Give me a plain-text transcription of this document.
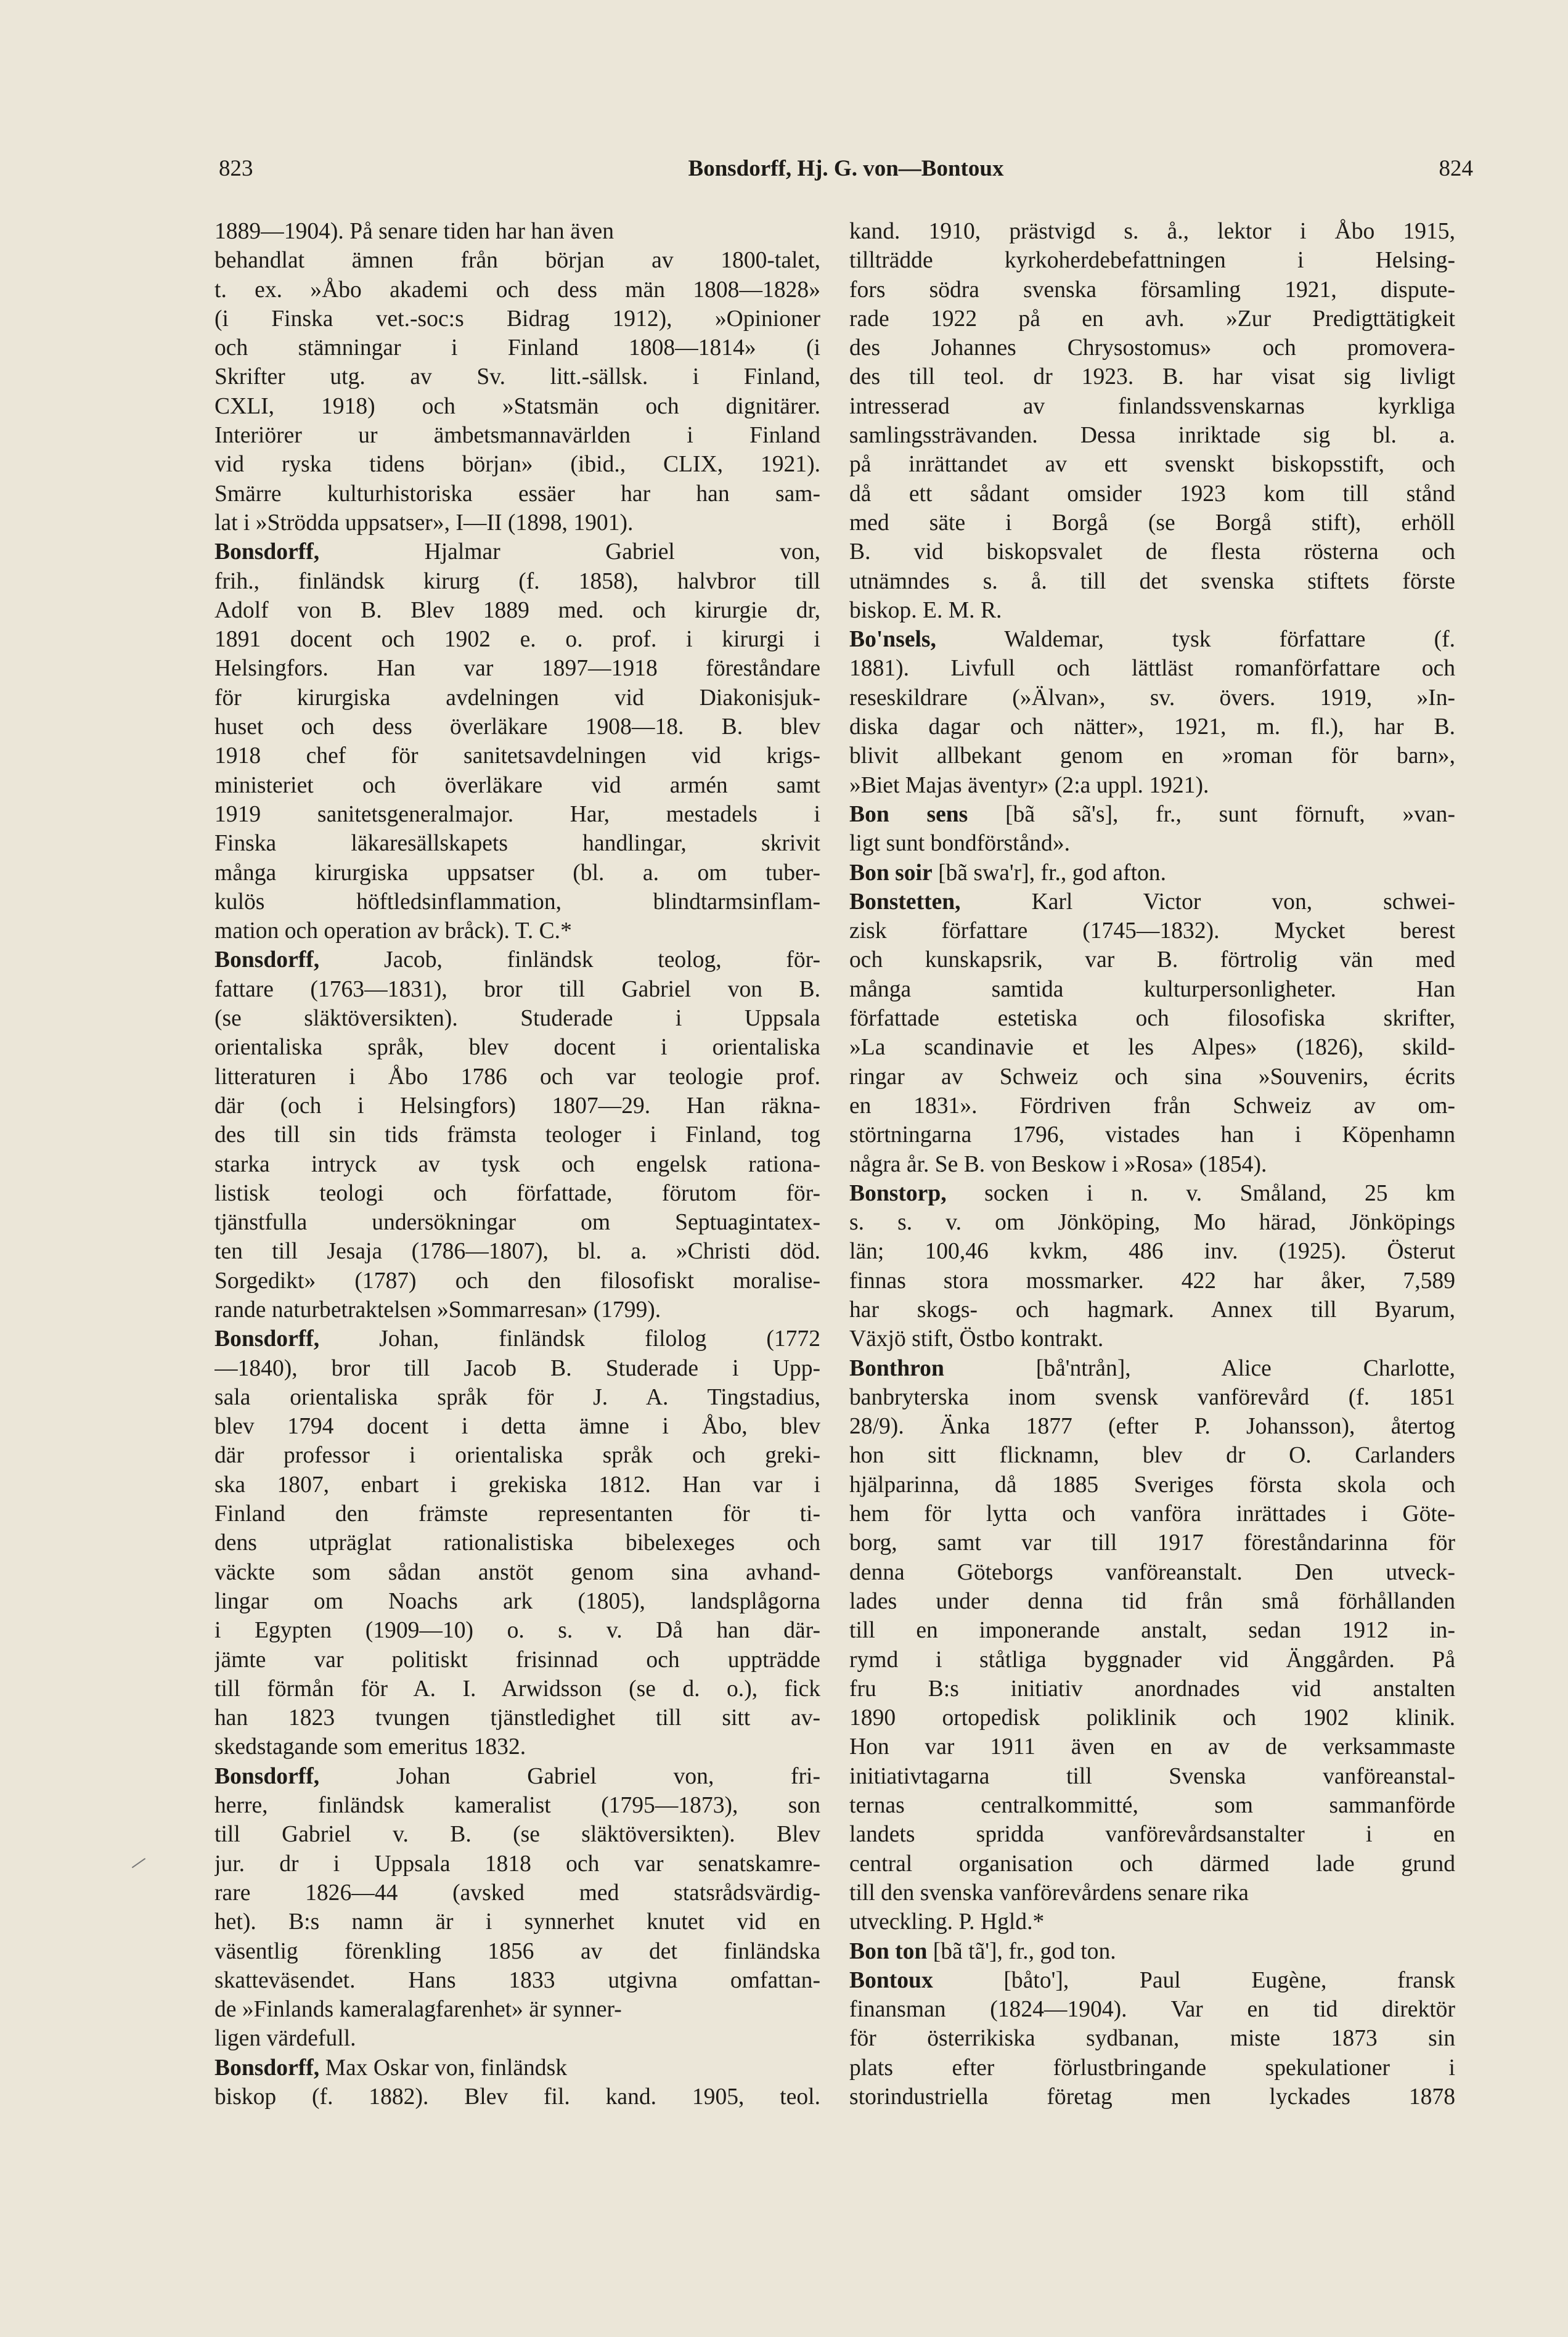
823	Bonsdorff, Hj. G. von—Bontoux	824
1889—1904). På senare tiden har han även
behandlat ämnen från början av 1800-talet,
t. ex. »Åbo akademi och dess män 1808—1828»
(i Finska vet.-soc:s Bidrag 1912), »Opinioner
och stämningar i Finland 1808—1814» (i
Skrifter utg. av Sv. litt.-sällsk. i Finland,
CXLI, 1918) och »Statsmän och dignitärer.
Interiörer ur ämbetsmannavärlden i Finland
vid ryska tidens början» (ibid., CLIX, 1921).
Smärre kulturhistoriska essäer har han sam-
lat i »Strödda uppsatser», I—II (1898, 1901).
Bonsdorff, Hjalmar Gabriel von,
frih., finländsk kirurg (f. 1858), halvbror till
Adolf von B. Blev 1889 med. och kirurgie dr,
1891 docent och 1902 e. o. prof. i kirurgi i
Helsingfors. Han var 1897—1918 föreståndare
för kirurgiska avdelningen vid Diakonisjuk-
huset och dess överläkare 1908—18. B. blev
1918 chef för sanitetsavdelningen vid krigs-
ministeriet och överläkare vid armén samt
1919 sanitetsgeneralmajor. Har, mestadels i
Finska läkaresällskapets handlingar, skrivit
många kirurgiska uppsatser (bl. a. om tuber-
kulös höftledsinflammation, blindtarmsinflam-
mation och operation av bråck). T. C.*
Bonsdorff, Jacob, finländsk teolog, för-
fattare (1763—1831), bror till Gabriel von B.
(se släktöversikten). Studerade i Uppsala
orientaliska språk, blev docent i orientaliska
litteraturen i Åbo 1786 och var teologie prof.
där (och i Helsingfors) 1807—29. Han räkna-
des till sin tids främsta teologer i Finland, tog
starka intryck av tysk och engelsk rationa-
listisk teologi och författade, förutom för-
tjänstfulla undersökningar om Septuagintatex-
ten till Jesaja (1786—1807), bl. a. »Christi död.
Sorgedikt» (1787) och den filosofiskt moralise-
rande naturbetraktelsen »Sommarresan» (1799).
Bonsdorff, Johan, finländsk filolog (1772
—1840), bror till Jacob B. Studerade i Upp-
sala orientaliska språk för J. A. Tingstadius,
blev 1794 docent i detta ämne i Åbo, blev
där professor i orientaliska språk och greki-
ska 1807, enbart i grekiska 1812. Han var i
Finland den främste representanten för ti-
dens utpräglat rationalistiska bibelexeges och
väckte som sådan anstöt genom sina avhand-
lingar om Noachs ark (1805), landsplågorna
i Egypten (1909—10) o. s. v. Då han där-
jämte var politiskt frisinnad och uppträdde
till förmån för A. I. Arwidsson (se d. o.), fick
han 1823 tvungen tjänstledighet till sitt av-
skedstagande som emeritus 1832.
Bonsdorff, Johan Gabriel von, fri-
herre, finländsk kameralist (1795—1873), son
till Gabriel v. B. (se släktöversikten). Blev
jur. dr i Uppsala 1818 och var senatskamre-
rare 1826—44 (avsked med statsrådsvärdig-
het). B:s namn är i synnerhet knutet vid en
väsentlig förenkling 1856 av det finländska
skatteväsendet. Hans 1833 utgivna omfattan-
de »Finlands kameralagfarenhet» är synner-
ligen värdefull.
Bonsdorff, Max Oskar von, finländsk
biskop (f. 1882). Blev fil. kand. 1905, teol.
kand. 1910, prästvigd s. å., lektor i Åbo 1915,
tillträdde kyrkoherdebefattningen i Helsing-
fors södra svenska församling 1921, dispute-
rade 1922 på en avh. »Zur Predigttätigkeit
des Johannes Chrysostomus» och promovera-
des till teol. dr 1923. B. har visat sig livligt
intresserad av finlandssvenskarnas kyrkliga
samlingssträvanden. Dessa inriktade sig bl. a.
på inrättandet av ett svenskt biskopsstift, och
då ett sådant omsider 1923 kom till stånd
med säte i Borgå (se Borgå stift), erhöll
B. vid biskopsvalet de flesta rösterna och
utnämndes s. å. till det svenska stiftets förste
biskop. E. M. R.
Bo'nsels, Waldemar, tysk författare (f.
1881). Livfull och lättläst romanförfattare och
reseskildrare (»Älvan», sv. övers. 1919, »In-
diska dagar och nätter», 1921, m. fl.), har B.
blivit allbekant genom en »roman för barn»,
»Biet Majas äventyr» (2:a uppl. 1921).
Bon sens [bã sã's], fr., sunt förnuft, »van-
ligt sunt bondförstånd».
Bon soir [bã swa'r], fr., god afton.
Bonstetten, Karl Victor von, schwei-
zisk författare (1745—1832). Mycket berest
och kunskapsrik, var B. förtrolig vän med
många samtida kulturpersonligheter. Han
författade estetiska och filosofiska skrifter,
»La scandinavie et les Alpes» (1826), skild-
ringar av Schweiz och sina »Souvenirs, écrits
en 1831». Fördriven från Schweiz av om-
störtningarna 1796, vistades han i Köpenhamn
några år. Se B. von Beskow i »Rosa» (1854).
Bonstorp, socken i n. v. Småland, 25 km
s. s. v. om Jönköping, Mo härad, Jönköpings
län; 100,46 kvkm, 486 inv. (1925). Österut
finnas stora mossmarker. 422 har åker, 7,589
har skogs- och hagmark. Annex till Byarum,
Växjö stift, Östbo kontrakt.
Bonthron [bå'ntrån], Alice Charlotte,
banbryterska inom svensk vanförevård (f. 1851
28/9). Änka 1877 (efter P. Johansson), återtog
hon sitt flicknamn, blev dr O. Carlanders
hjälparinna, då 1885 Sveriges första skola och
hem för lytta och vanföra inrättades i Göte-
borg, samt var till 1917 föreståndarinna för
denna Göteborgs vanföreanstalt. Den utveck-
lades under denna tid från små förhållanden
till en imponerande anstalt, sedan 1912 in-
rymd i ståtliga byggnader vid Änggården. På
fru B:s initiativ anordnades vid anstalten
1890 ortopedisk poliklinik och 1902 klinik.
Hon var 1911 även en av de verksammaste
initiativtagarna till Svenska vanföreanstal-
ternas centralkommitté, som sammanförde
landets spridda vanförevårdsanstalter i en
central organisation och därmed lade grund
till den svenska vanförevårdens senare rika
utveckling. P. Hgld.*
Bon ton [bã tã'], fr., god ton.
Bontoux [båto'], Paul Eugène, fransk
finansman (1824—1904). Var en tid direktör
för österrikiska sydbanan, miste 1873 sin
plats efter förlustbringande spekulationer i
storindustriella företag men lyckades 1878
